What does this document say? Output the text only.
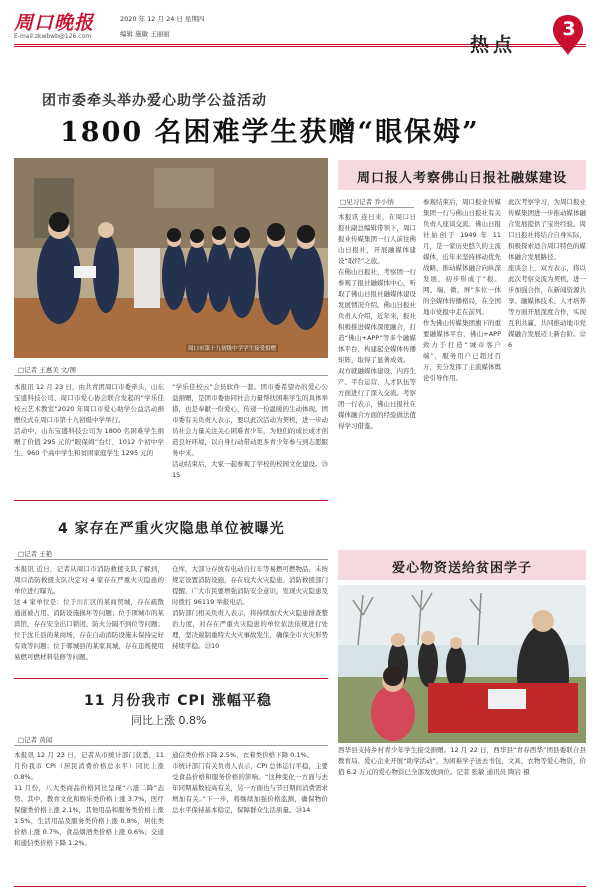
周口晚报
E-mail:zkwbwb@126.com
2020 年 12 月 24 日 星期四
编辑 施敏 王丽丽	热点
3
团市委牵头举办爱心助学公益活动
1800 名困难学生获赠“眼保姆”
周口市第十九初级中学学生接受捐赠
□记者 王惠美 文/图
本报讯 12 月 23 日，由共青团周口市委牵头，山东宝盛科技公司、周口市爱心协会联合发起的“学乐佳校云艺术教室”2020 年周口市爱心助学公益活动捐赠仪式在周口市第十九初级中学举行。
活动中，山东宝盛科技公司为 1800 名困难学生捐赠了价值 295 元的“眼保姆”台灯，1012 个初中学生、960 个高中学生和贫困家庭学生 1295 元的
“学乐佳校云”会员软件一套。团市委希望办的爱心公益捐赠，是团市委协同社会力量帮扶困难学生的具体举措，也是奉献一份爱心、传递一份温暖的生动体现。团市委有关负责人表示，要以此次活动为契机，进一步动员社会力量关注关心困难青少年，为他们的成长成才创造良好环境，以自身行动带动更多青少年参与到志愿服务中来。
活动结束后，大家一起参观了学校的校园文化建设。㉕15
4 家存在严重火灾隐患单位被曝光
□记者 王艳
本报讯 近日，记者从周口市消防救援支队了解到，周口消防救援支队决定对 4 家存在严重火灾隐患的单位进行曝光。
这 4 家单位是：位于川汇区的某商贸城，存在疏散通道被占用、消防设施损坏等问题；位于项城市的某宾馆，存在安全出口锁闭、防火分隔不到位等问题；位于沈丘县的某商场，存在自动消防设施未保持完好有效等问题；位于郸城县的某家具城，存在违规使用易燃可燃材料装修等问题。
仓库，大部分存放有电动自行车等易燃可燃物品，未按规定设置消防设施，存在较大火灾隐患。消防救援部门提醒，广大市民要增强消防安全意识，发现火灾隐患及时拨打 96119 举报电话。
消防部门相关负责人表示，将持续加大火灾隐患排查整治力度，对存在严重火灾隐患的单位依法依规进行处理，坚决遏制重特大火灾事故发生，确保全市火灾形势持续平稳。㉓10
11 月份我市 CPI 涨幅平稳
同比上涨 0.8%
□记者 黄闻
本报讯 12 月 23 日，记者从市统计部门获悉，11 月份我市 CPI（居民消费价格总水平）同比上涨 0.8%。
11 月份，八大类商品价格同比呈现“六涨二降”态势。其中，教育文化和娱乐类价格上涨 3.7%，医疗保健类价格上涨 2.1%，其他用品和服务类价格上涨 1.5%，生活用品及服务类价格上涨 0.8%，居住类价格上涨 0.7%，食品烟酒类价格上涨 0.6%；交通和通信类价格下降 1.2%。
通信类价格下降 2.5%，衣着类价格下降 0.1%。
市统计部门有关负责人表示，CPI 总体运行平稳，主要受食品价格和服务价格的影响。“这种变化一方面与去年同期基数较高有关，另一方面也与节日期间消费需求增加有关。”下一步，将继续加强价格监测，确保物价总水平保持基本稳定，保障群众生活质量。㉔14
周口报人考察佛山日报社融媒建设
□见习记者 乔小纳
本报讯 连日来，在周口日报社副总编辑带领下，周口报业传媒集团一行人前往佛山日报社，开展融媒体建设“取经”之旅。
在佛山日报社，考察团一行参观了报社融媒体中心，听取了佛山日报社融媒体建设发展情况介绍。佛山日报社负责人介绍，近年来，报社积极推进媒体深度融合，打造“佛山+APP”等多个融媒体平台，构建起全媒体传播矩阵，取得了显著成效。
双方就融媒体建设、内容生产、平台运营、人才队伍等方面进行了深入交流。考察团一行表示，佛山日报社在媒体融合方面的经验做法值得学习借鉴。
参观结束后，周口报业传媒集团一行与佛山日报社有关负责人座谈交流。佛山日报社始创于 1949 年 11 月，是一家历史悠久的主流媒体，近年来坚持移动优先战略，推动媒体融合向纵深发展，初步形成了“报、网、端、微、屏”多位一体的全媒体传播格局，在全国地市党报中走在前列。
作为佛山传媒集团旗下的重要融媒体平台，佛山+APP 致力于打造“城市客户端”，服务用户已超过百万，充分发挥了主流媒体舆论引导作用。
此次考察学习，为周口报业传媒集团进一步推动媒体融合发展提供了宝贵经验。周口日报社将结合自身实际，积极探索适合周口特色的媒体融合发展路径。
座谈会上，双方表示，将以此次考察交流为契机，进一步加强合作，在新闻资源共享、融媒体技术、人才培养等方面开展深度合作，实现互利共赢，共同推动地市党媒融合发展迈上新台阶。㉒6
爱心物资送给贫困学子
西华县支持乡村青少年学生接受捐赠。12 月 22 日，西华县“青春西华”团县委联合县教育局、爱心企业开展“助学活动”，为困难学子送去书包、文具、衣物等爱心物资，价值 6.2 万元的爱心物资已全部发放到位。记者 张敏 通讯员 陶岩 摄
